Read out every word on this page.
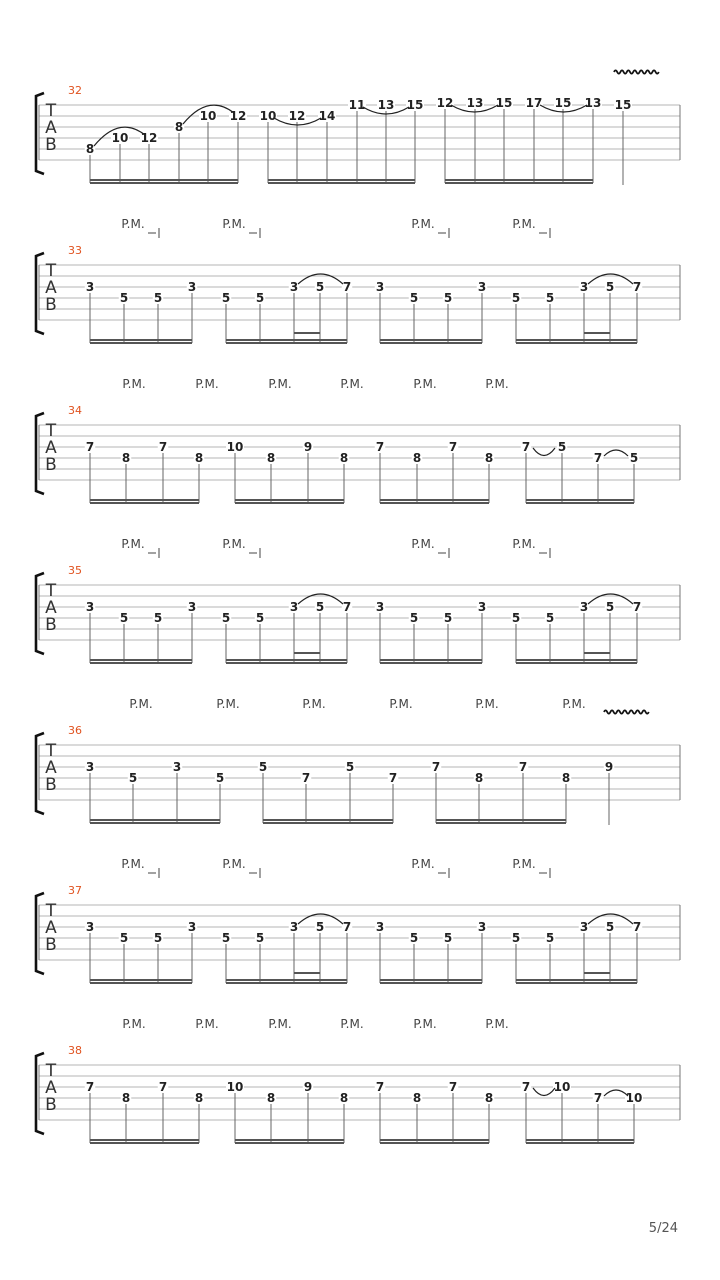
T
A
B
32
8
10 12
8
10 12 10 12 14
11 13 15 12 13 15 17 15 13 15
T
A
B
33
P.M.	P.M.	P.M.	P.M.
3
5 5
3
5 5
3 5 7 3
5 5
3
5 5
3 5 7
T
A
B
34
P.M.	P.M.	P.M.	P.M.	P.M.	P.M.
7
8
7
8
10
8
9
8
7
8
7
8
7 5
7 5
T
A
B
35
P.M.	P.M.	P.M.	P.M.
3
5 5
3
5 5
3 5 7 3
5 5
3
5 5
3 5 7
T
A
B
36
P.M.	P.M.	P.M.	P.M.	P.M.	P.M.
3
5
3
5
5
7
5
7
7
8
7
8
9
T
A
B
37
P.M.	P.M.	P.M.	P.M.
3
5 5
3
5 5
3 5 7 3
5 5
3
5 5
3 5 7
T
A
B
38
P.M.	P.M.	P.M.	P.M.	P.M.	P.M.
7
8
7
8
10
8
9
8
7
8
7
8
7 10
7 10
5/24
